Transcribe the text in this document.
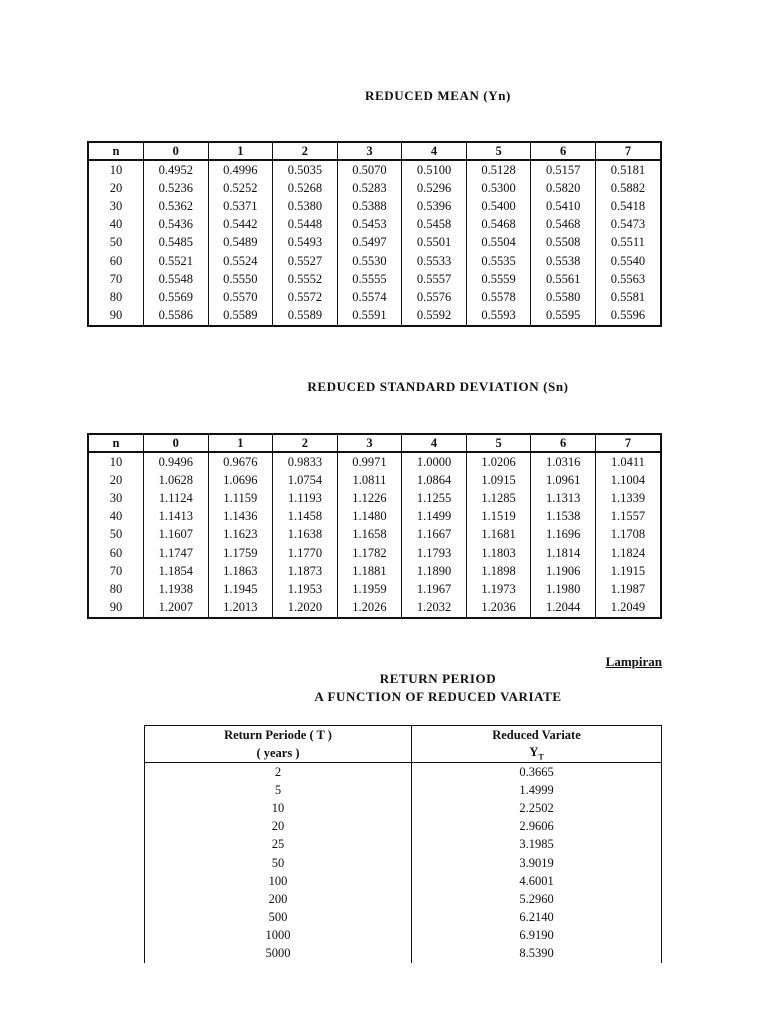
REDUCED MEAN (Yn)
n	0	1	2	3	4	5	6	7
10	0.4952	0.4996	0.5035	0.5070	0.5100	0.5128	0.5157	0.5181
20	0.5236	0.5252	0.5268	0.5283	0.5296	0.5300	0.5820	0.5882
30	0.5362	0.5371	0.5380	0.5388	0.5396	0.5400	0.5410	0.5418
40	0.5436	0.5442	0.5448	0.5453	0.5458	0.5468	0.5468	0.5473
50	0.5485	0.5489	0.5493	0.5497	0.5501	0.5504	0.5508	0.5511
60	0.5521	0.5524	0.5527	0.5530	0.5533	0.5535	0.5538	0.5540
70	0.5548	0.5550	0.5552	0.5555	0.5557	0.5559	0.5561	0.5563
80	0.5569	0.5570	0.5572	0.5574	0.5576	0.5578	0.5580	0.5581
90	0.5586	0.5589	0.5589	0.5591	0.5592	0.5593	0.5595	0.5596
REDUCED STANDARD DEVIATION (Sn)
n	0	1	2	3	4	5	6	7
10	0.9496	0.9676	0.9833	0.9971	1.0000	1.0206	1.0316	1.0411
20	1.0628	1.0696	1.0754	1.0811	1.0864	1.0915	1.0961	1.1004
30	1.1124	1.1159	1.1193	1.1226	1.1255	1.1285	1.1313	1.1339
40	1.1413	1.1436	1.1458	1.1480	1.1499	1.1519	1.1538	1.1557
50	1.1607	1.1623	1.1638	1.1658	1.1667	1.1681	1.1696	1.1708
60	1.1747	1.1759	1.1770	1.1782	1.1793	1.1803	1.1814	1.1824
70	1.1854	1.1863	1.1873	1.1881	1.1890	1.1898	1.1906	1.1915
80	1.1938	1.1945	1.1953	1.1959	1.1967	1.1973	1.1980	1.1987
90	1.2007	1.2013	1.2020	1.2026	1.2032	1.2036	1.2044	1.2049
Lampiran
RETURN PERIOD
A FUNCTION OF REDUCED VARIATE
Return Periode ( T )	Reduced Variate
( years )	$Y_T$
2	0.3665
5	1.4999
10	2.2502
20	2.9606
25	3.1985
50	3.9019
100	4.6001
200	5.2960
500	6.2140
1000	6.9190
5000	8.5390
